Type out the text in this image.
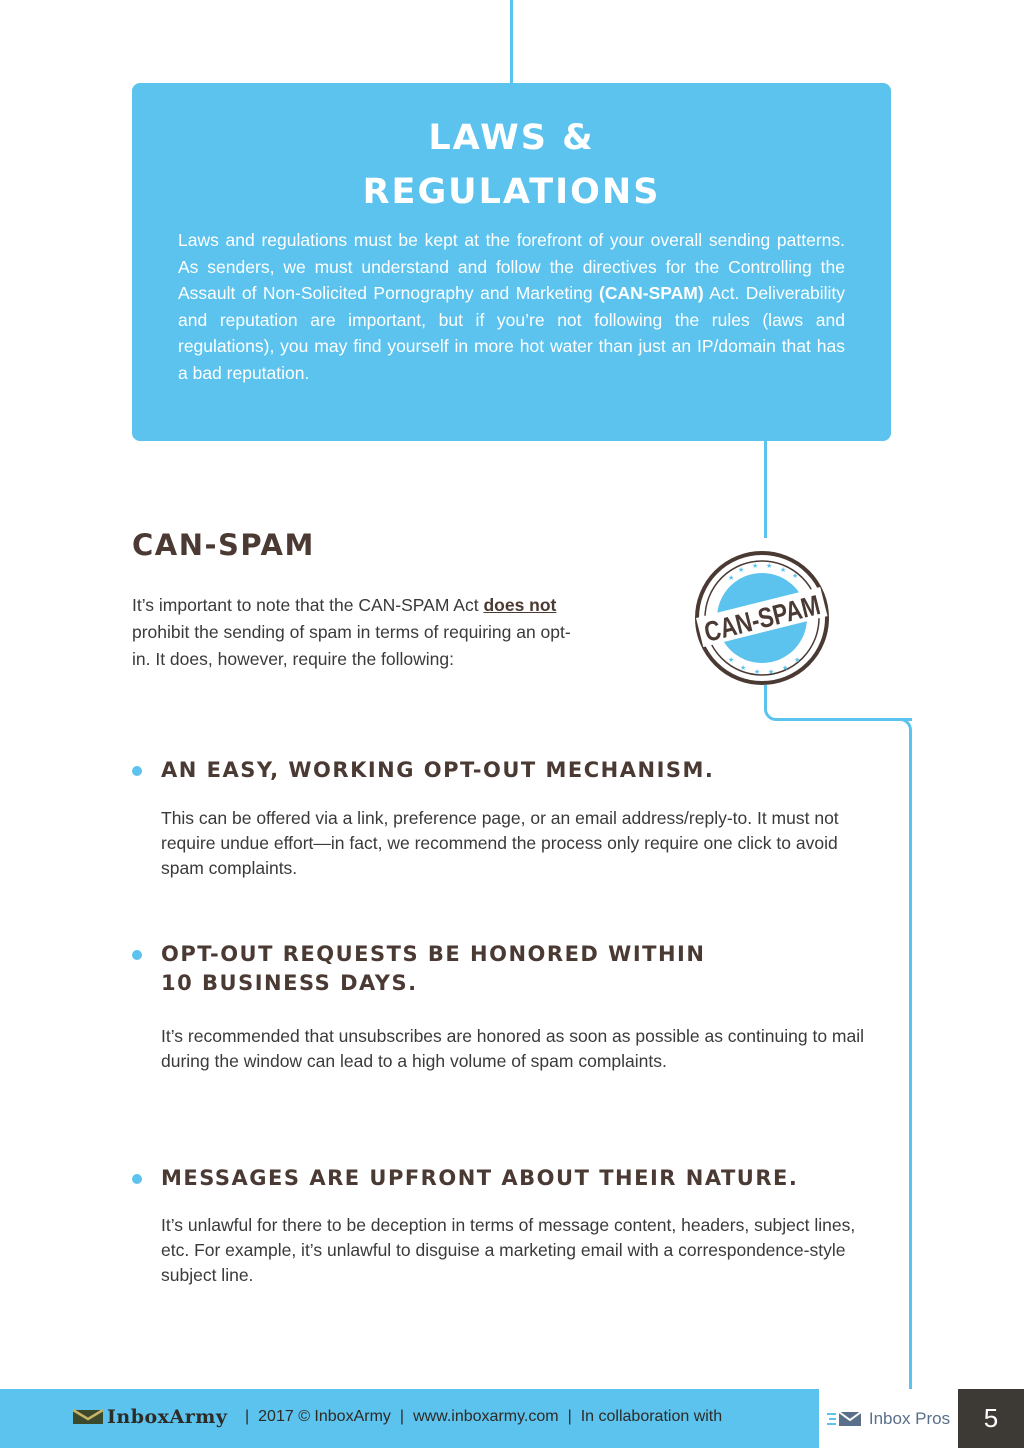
LAWS &
REGULATIONS

Laws and regulations must be kept at the forefront of your overall sending patterns. As senders, we must understand and follow the directives for the Controlling the Assault of Non-Solicited Pornography and Marketing (CAN-SPAM) Act. Deliverability and reputation are important, but if you’re not following the rules (laws and regulations), you may find yourself in more hot water than just an IP/domain that has a bad reputation.

CAN-SPAM

It’s important to note that the CAN-SPAM Act does not prohibit the sending of spam in terms of requiring an opt-in. It does, however, require the following:

★
★ ★
★
★
★
★
★
★ ★
★
★
CAN-SPAM
AN EASY, WORKING OPT-OUT MECHANISM.

This can be offered via a link, preference page, or an email address/reply-to. It must not require undue effort—in fact, we recommend the process only require one click to avoid spam complaints.

OPT-OUT REQUESTS BE HONORED WITHIN
10 BUSINESS DAYS.

It’s recommended that unsubscribes are honored as soon as possible as continuing to mail during the window can lead to a high volume of spam complaints.

MESSAGES ARE UPFRONT ABOUT THEIR NATURE.

It’s unlawful for there to be deception in terms of message content, headers, subject lines, etc. For example, it’s unlawful to disguise a marketing email with a correspondence-style subject line.

InboxArmy	| 2017 © InboxArmy | www.inboxarmy.com | In collaboration with	Inbox Pros	5
